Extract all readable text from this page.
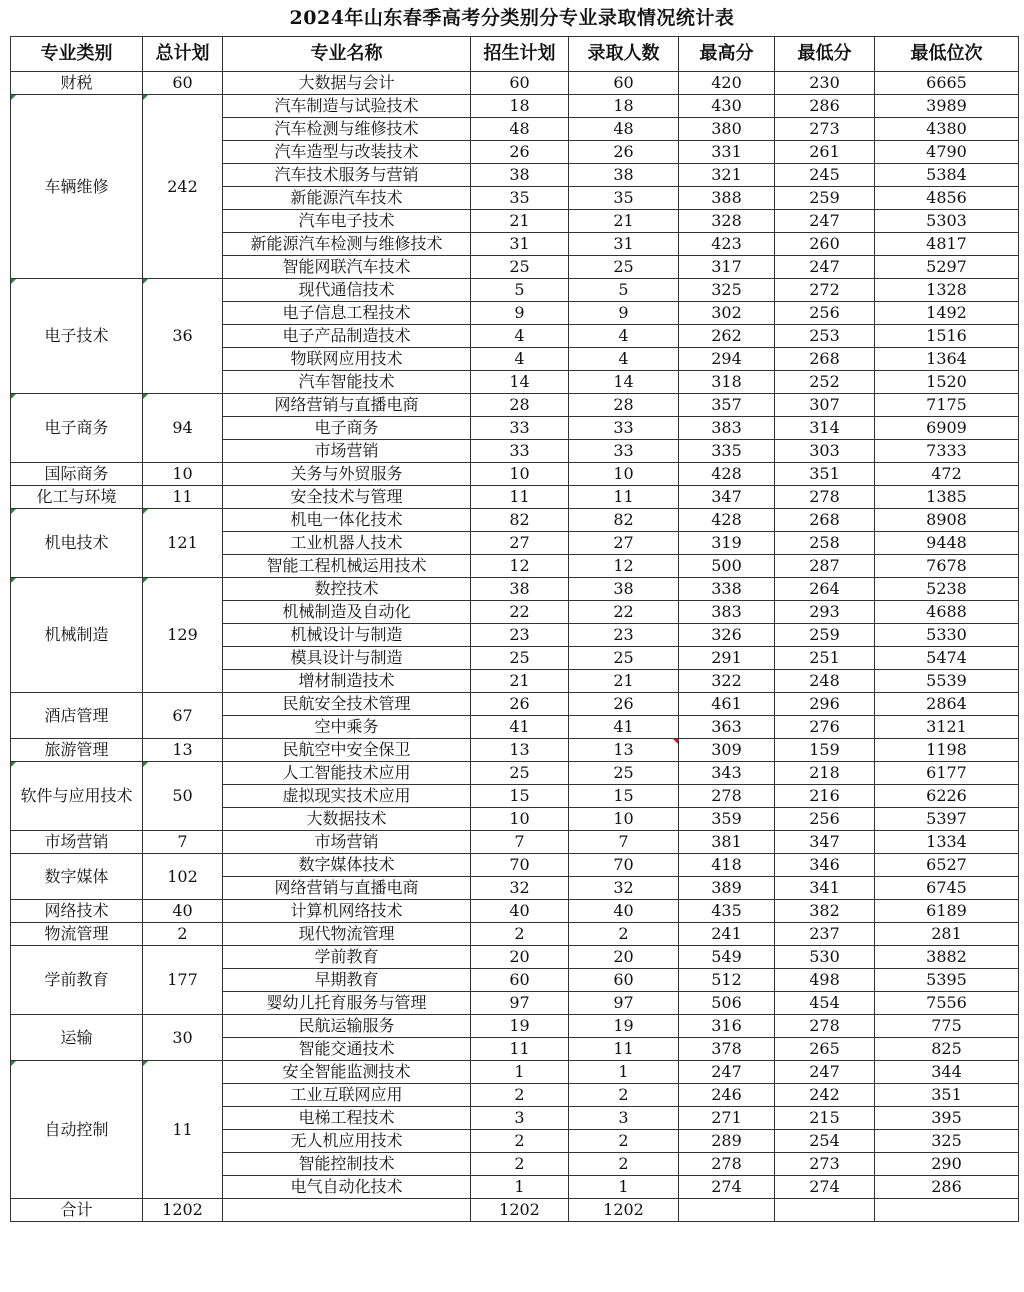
2024年山东春季高考分类别分专业录取情况统计表
专业类别	总计划	专业名称	招生计划	录取人数	最高分	最低分	最低位次
财税	60	大数据与会计	60	60	420	230	6665
车辆维修	242	汽车制造与试验技术	18	18	430	286	3989
		汽车检测与维修技术	48	48	380	273	4380
		汽车造型与改装技术	26	26	331	261	4790
		汽车技术服务与营销	38	38	321	245	5384
		新能源汽车技术	35	35	388	259	4856
		汽车电子技术	21	21	328	247	5303
		新能源汽车检测与维修技术	31	31	423	260	4817
		智能网联汽车技术	25	25	317	247	5297
电子技术	36	现代通信技术	5	5	325	272	1328
		电子信息工程技术	9	9	302	256	1492
		电子产品制造技术	4	4	262	253	1516
		物联网应用技术	4	4	294	268	1364
		汽车智能技术	14	14	318	252	1520
电子商务	94	网络营销与直播电商	28	28	357	307	7175
		电子商务	33	33	383	314	6909
		市场营销	33	33	335	303	7333
国际商务	10	关务与外贸服务	10	10	428	351	472
化工与环境	11	安全技术与管理	11	11	347	278	1385
机电技术	121	机电一体化技术	82	82	428	268	8908
		工业机器人技术	27	27	319	258	9448
		智能工程机械运用技术	12	12	500	287	7678
机械制造	129	数控技术	38	38	338	264	5238
		机械制造及自动化	22	22	383	293	4688
		机械设计与制造	23	23	326	259	5330
		模具设计与制造	25	25	291	251	5474
		增材制造技术	21	21	322	248	5539
酒店管理	67	民航安全技术管理	26	26	461	296	2864
		空中乘务	41	41	363	276	3121
旅游管理	13	民航空中安全保卫	13	13	309	159	1198
软件与应用技术	50	人工智能技术应用	25	25	343	218	6177
		虚拟现实技术应用	15	15	278	216	6226
		大数据技术	10	10	359	256	5397
市场营销	7	市场营销	7	7	381	347	1334
数字媒体	102	数字媒体技术	70	70	418	346	6527
		网络营销与直播电商	32	32	389	341	6745
网络技术	40	计算机网络技术	40	40	435	382	6189
物流管理	2	现代物流管理	2	2	241	237	281
学前教育	177	学前教育	20	20	549	530	3882
		早期教育	60	60	512	498	5395
		婴幼儿托育服务与管理	97	97	506	454	7556
运输	30	民航运输服务	19	19	316	278	775
		智能交通技术	11	11	378	265	825
自动控制	11	安全智能监测技术	1	1	247	247	344
		工业互联网应用	2	2	246	242	351
		电梯工程技术	3	3	271	215	395
		无人机应用技术	2	2	289	254	325
		智能控制技术	2	2	278	273	290
		电气自动化技术	1	1	274	274	286
合计	1202		1202	1202			
